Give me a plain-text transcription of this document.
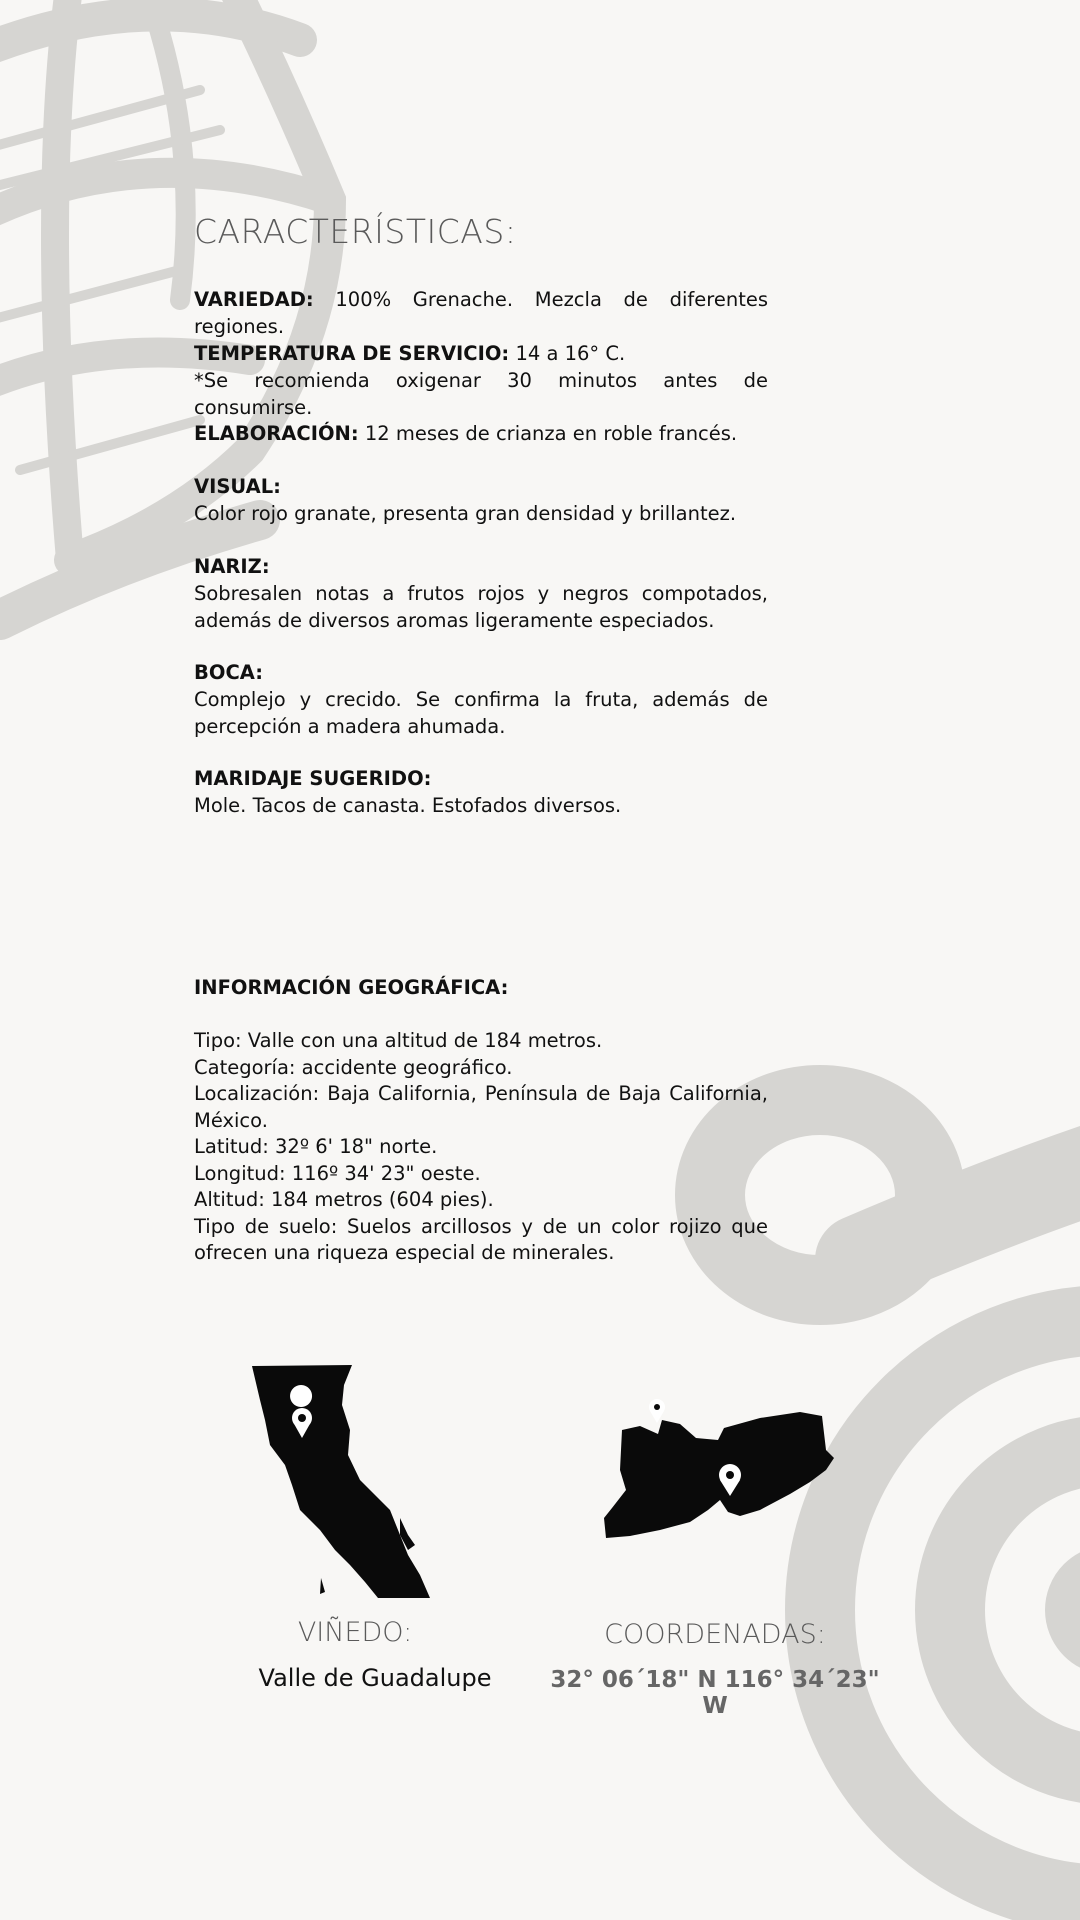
CARACTERÍSTICAS:

VARIEDAD: 100% Grenache. Mezcla de diferentes regiones.

TEMPERATURA DE SERVICIO: 14 a 16° C.
*Se recomienda oxigenar 30 minutos antes de consumirse.

ELABORACIÓN: 12 meses de crianza en roble francés.

VISUAL:
Color rojo granate, presenta gran densidad y brillantez.

NARIZ:
Sobresalen notas a frutos rojos y negros compotados, además de diversos aromas ligeramente especiados.

BOCA:
Complejo y crecido. Se confirma la fruta, además de percepción a madera ahumada.

MARIDAJE SUGERIDO:
Mole. Tacos de canasta. Estofados diversos.

INFORMACIÓN GEOGRÁFICA:

Tipo: Valle con una altitud de 184 metros.
Categoría: accidente geográfico.
Localización: Baja California, Península de Baja California, México.
Latitud: 32º 6' 18" norte.
Longitud: 116º 34' 23" oeste.
Altitud: 184 metros (604 pies).
Tipo de suelo: Suelos arcillosos y de un color rojizo que ofrecen una riqueza especial de minerales.
VIÑEDO:
Valle de Guadalupe
COORDENADAS:
32° 06´18" N 116° 34´23" W
